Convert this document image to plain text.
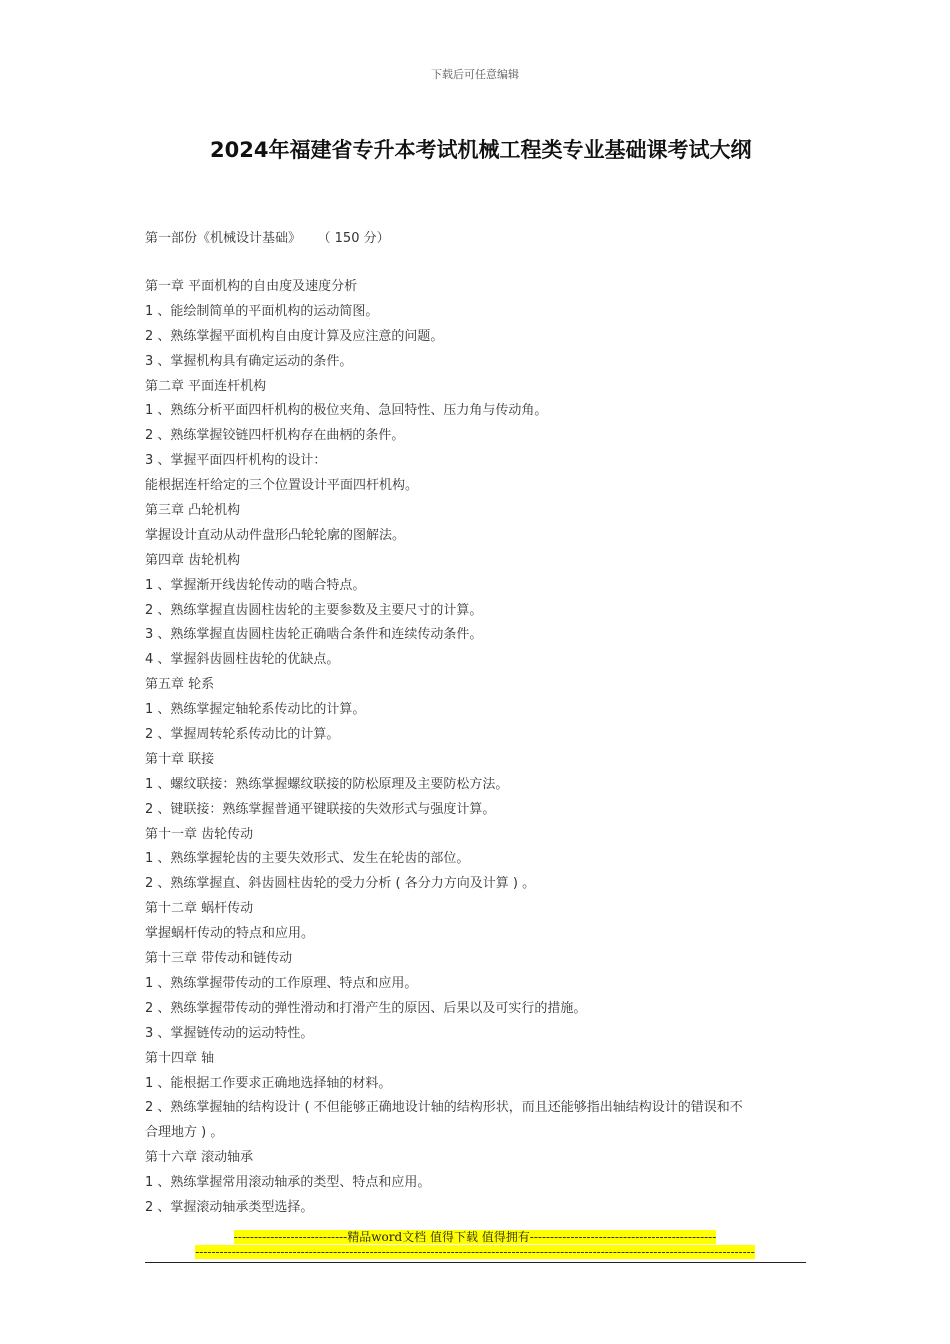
下载后可任意编辑
2024年福建省专升本考试机械工程类专业基础课考试大纲
第一部份《机械设计基础》    （ 150 分）
第一章 平面机构的自由度及速度分析
1 、能绘制简单的平面机构的运动简图。
2 、熟练掌握平面机构自由度计算及应注意的问题。
3 、掌握机构具有确定运动的条件。
第二章 平面连杆机构
1 、熟练分析平面四杆机构的极位夹角、急回特性、压力角与传动角。
2 、熟练掌握铰链四杆机构存在曲柄的条件。
3 、掌握平面四杆机构的设计：
能根据连杆给定的三个位置设计平面四杆机构。
第三章 凸轮机构
掌握设计直动从动件盘形凸轮轮廓的图解法。
第四章 齿轮机构
1 、掌握渐开线齿轮传动的啮合特点。
2 、熟练掌握直齿圆柱齿轮的主要参数及主要尺寸的计算。
3 、熟练掌握直齿圆柱齿轮正确啮合条件和连续传动条件。
4 、掌握斜齿圆柱齿轮的优缺点。
第五章 轮系
1 、熟练掌握定轴轮系传动比的计算。
2 、掌握周转轮系传动比的计算。
第十章 联接
1 、螺纹联接：熟练掌握螺纹联接的防松原理及主要防松方法。
2 、键联接：熟练掌握普通平键联接的失效形式与强度计算。
第十一章 齿轮传动
1 、熟练掌握轮齿的主要失效形式、发生在轮齿的部位。
2 、熟练掌握直、斜齿圆柱齿轮的受力分析 ( 各分力方向及计算 ) 。
第十二章 蜗杆传动
掌握蜗杆传动的特点和应用。
第十三章 带传动和链传动
1 、熟练掌握带传动的工作原理、特点和应用。
2 、熟练掌握带传动的弹性滑动和打滑产生的原因、后果以及可实行的措施。
3 、掌握链传动的运动特性。
第十四章 轴
1 、能根据工作要求正确地选择轴的材料。
2 、熟练掌握轴的结构设计 ( 不但能够正确地设计轴的结构形状，而且还能够指出轴结构设计的错误和不
合理地方 ) 。
第十六章 滚动轴承
1 、熟练掌握常用滚动轴承的类型、特点和应用。
2 、掌握滚动轴承类型选择。
----------------------------精品word文档 值得下载 值得拥有----------------------------------------------
------------------------------------------------------------------------------------------------------------------------------------------
